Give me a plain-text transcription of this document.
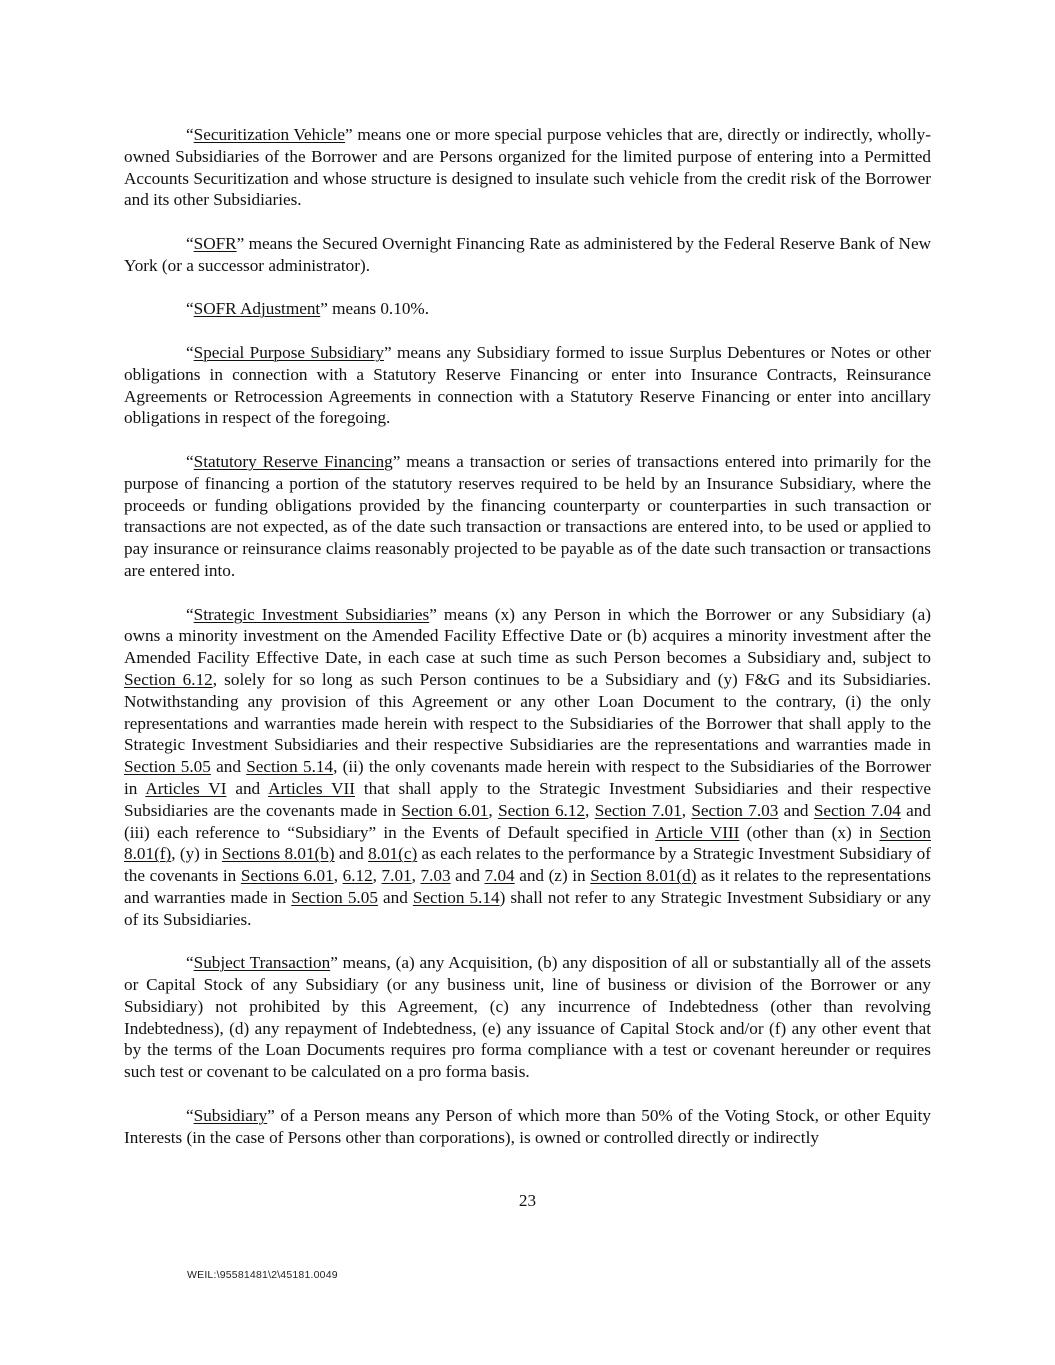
“Securitization Vehicle” means one or more special purpose vehicles that are, directly or indirectly, wholly-owned Subsidiaries of the Borrower and are Persons organized for the limited purpose of entering into a Permitted Accounts Securitization and whose structure is designed to insulate such vehicle from the credit risk of the Borrower and its other Subsidiaries.

“SOFR” means the Secured Overnight Financing Rate as administered by the Federal Reserve Bank of New York (or a successor administrator).

“SOFR Adjustment” means 0.10%.

“Special Purpose Subsidiary” means any Subsidiary formed to issue Surplus Debentures or Notes or other obligations in connection with a Statutory Reserve Financing or enter into Insurance Contracts, Reinsurance Agreements or Retrocession Agreements in connection with a Statutory Reserve Financing or enter into ancillary obligations in respect of the foregoing.

“Statutory Reserve Financing” means a transaction or series of transactions entered into primarily for the purpose of financing a portion of the statutory reserves required to be held by an Insurance Subsidiary, where the proceeds or funding obligations provided by the financing counterparty or counterparties in such transaction or transactions are not expected, as of the date such transaction or transactions are entered into, to be used or applied to pay insurance or reinsurance claims reasonably projected to be payable as of the date such transaction or transactions are entered into.

“Strategic Investment Subsidiaries” means (x) any Person in which the Borrower or any Subsidiary (a) owns a minority investment on the Amended Facility Effective Date or (b) acquires a minority investment after the Amended Facility Effective Date, in each case at such time as such Person becomes a Subsidiary and, subject to Section 6.12, solely for so long as such Person continues to be a Subsidiary and (y) F&G and its Subsidiaries. Notwithstanding any provision of this Agreement or any other Loan Document to the contrary, (i) the only representations and warranties made herein with respect to the Subsidiaries of the Borrower that shall apply to the Strategic Investment Subsidiaries and their respective Subsidiaries are the representations and warranties made in Section 5.05 and Section 5.14, (ii) the only covenants made herein with respect to the Subsidiaries of the Borrower in Articles VI and Articles VII that shall apply to the Strategic Investment Subsidiaries and their respective Subsidiaries are the covenants made in Section 6.01, Section 6.12, Section 7.01, Section 7.03 and Section 7.04 and (iii) each reference to “Subsidiary” in the Events of Default specified in Article VIII (other than (x) in Section 8.01(f), (y) in Sections 8.01(b) and 8.01(c) as each relates to the performance by a Strategic Investment Subsidiary of the covenants in Sections 6.01, 6.12, 7.01, 7.03 and 7.04 and (z) in Section 8.01(d) as it relates to the representations and warranties made in Section 5.05 and Section 5.14) shall not refer to any Strategic Investment Subsidiary or any of its Subsidiaries.

“Subject Transaction” means, (a) any Acquisition, (b) any disposition of all or substantially all of the assets or Capital Stock of any Subsidiary (or any business unit, line of business or division of the Borrower or any Subsidiary) not prohibited by this Agreement, (c) any incurrence of Indebtedness (other than revolving Indebtedness), (d) any repayment of Indebtedness, (e) any issuance of Capital Stock and/or (f) any other event that by the terms of the Loan Documents requires pro forma compliance with a test or covenant hereunder or requires such test or covenant to be calculated on a pro forma basis.

“Subsidiary” of a Person means any Person of which more than 50% of the Voting Stock, or other Equity Interests (in the case of Persons other than corporations), is owned or controlled directly or indirectly

23
WEIL:\95581481\2\45181.0049
